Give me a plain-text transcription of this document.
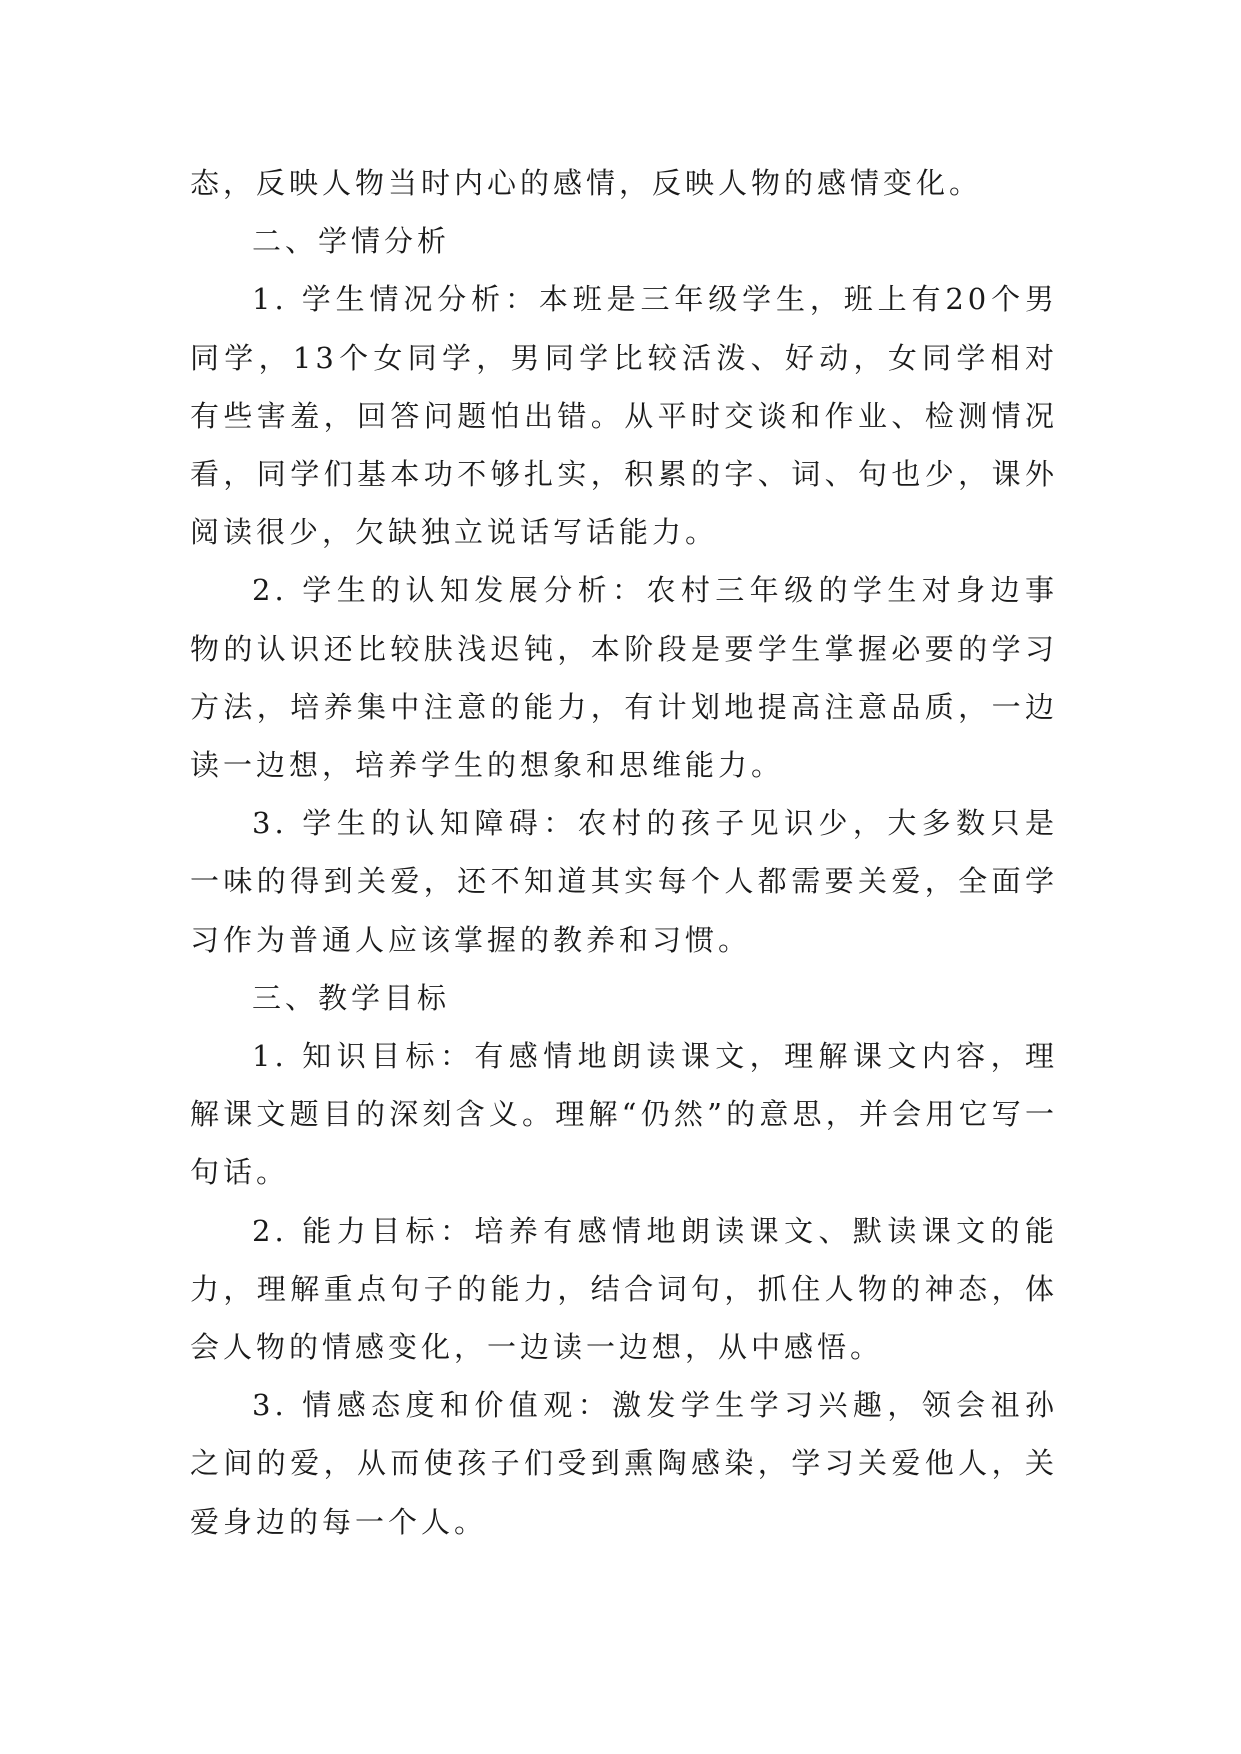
态，反映人物当时内心的感情，反映人物的感情变化。

二、学情分析

1. 学生情况分析：本班是三年级学生，班上有20个男同学，13个女同学，男同学比较活泼、好动，女同学相对有些害羞，回答问题怕出错。从平时交谈和作业、检测情况看，同学们基本功不够扎实，积累的字、词、句也少，课外阅读很少，欠缺独立说话写话能力。

2. 学生的认知发展分析：农村三年级的学生对身边事物的认识还比较肤浅迟钝，本阶段是要学生掌握必要的学习方法，培养集中注意的能力，有计划地提高注意品质，一边读一边想，培养学生的想象和思维能力。

3. 学生的认知障碍：农村的孩子见识少，大多数只是一味的得到关爱，还不知道其实每个人都需要关爱，全面学习作为普通人应该掌握的教养和习惯。

三、教学目标

1. 知识目标：有感情地朗读课文，理解课文内容，理解课文题目的深刻含义。理解“仍然”的意思，并会用它写一句话。

2. 能力目标：培养有感情地朗读课文、默读课文的能力，理解重点句子的能力，结合词句，抓住人物的神态，体会人物的情感变化，一边读一边想，从中感悟。

3. 情感态度和价值观：激发学生学习兴趣，领会祖孙之间的爱，从而使孩子们受到熏陶感染，学习关爱他人，关爱身边的每一个人。
